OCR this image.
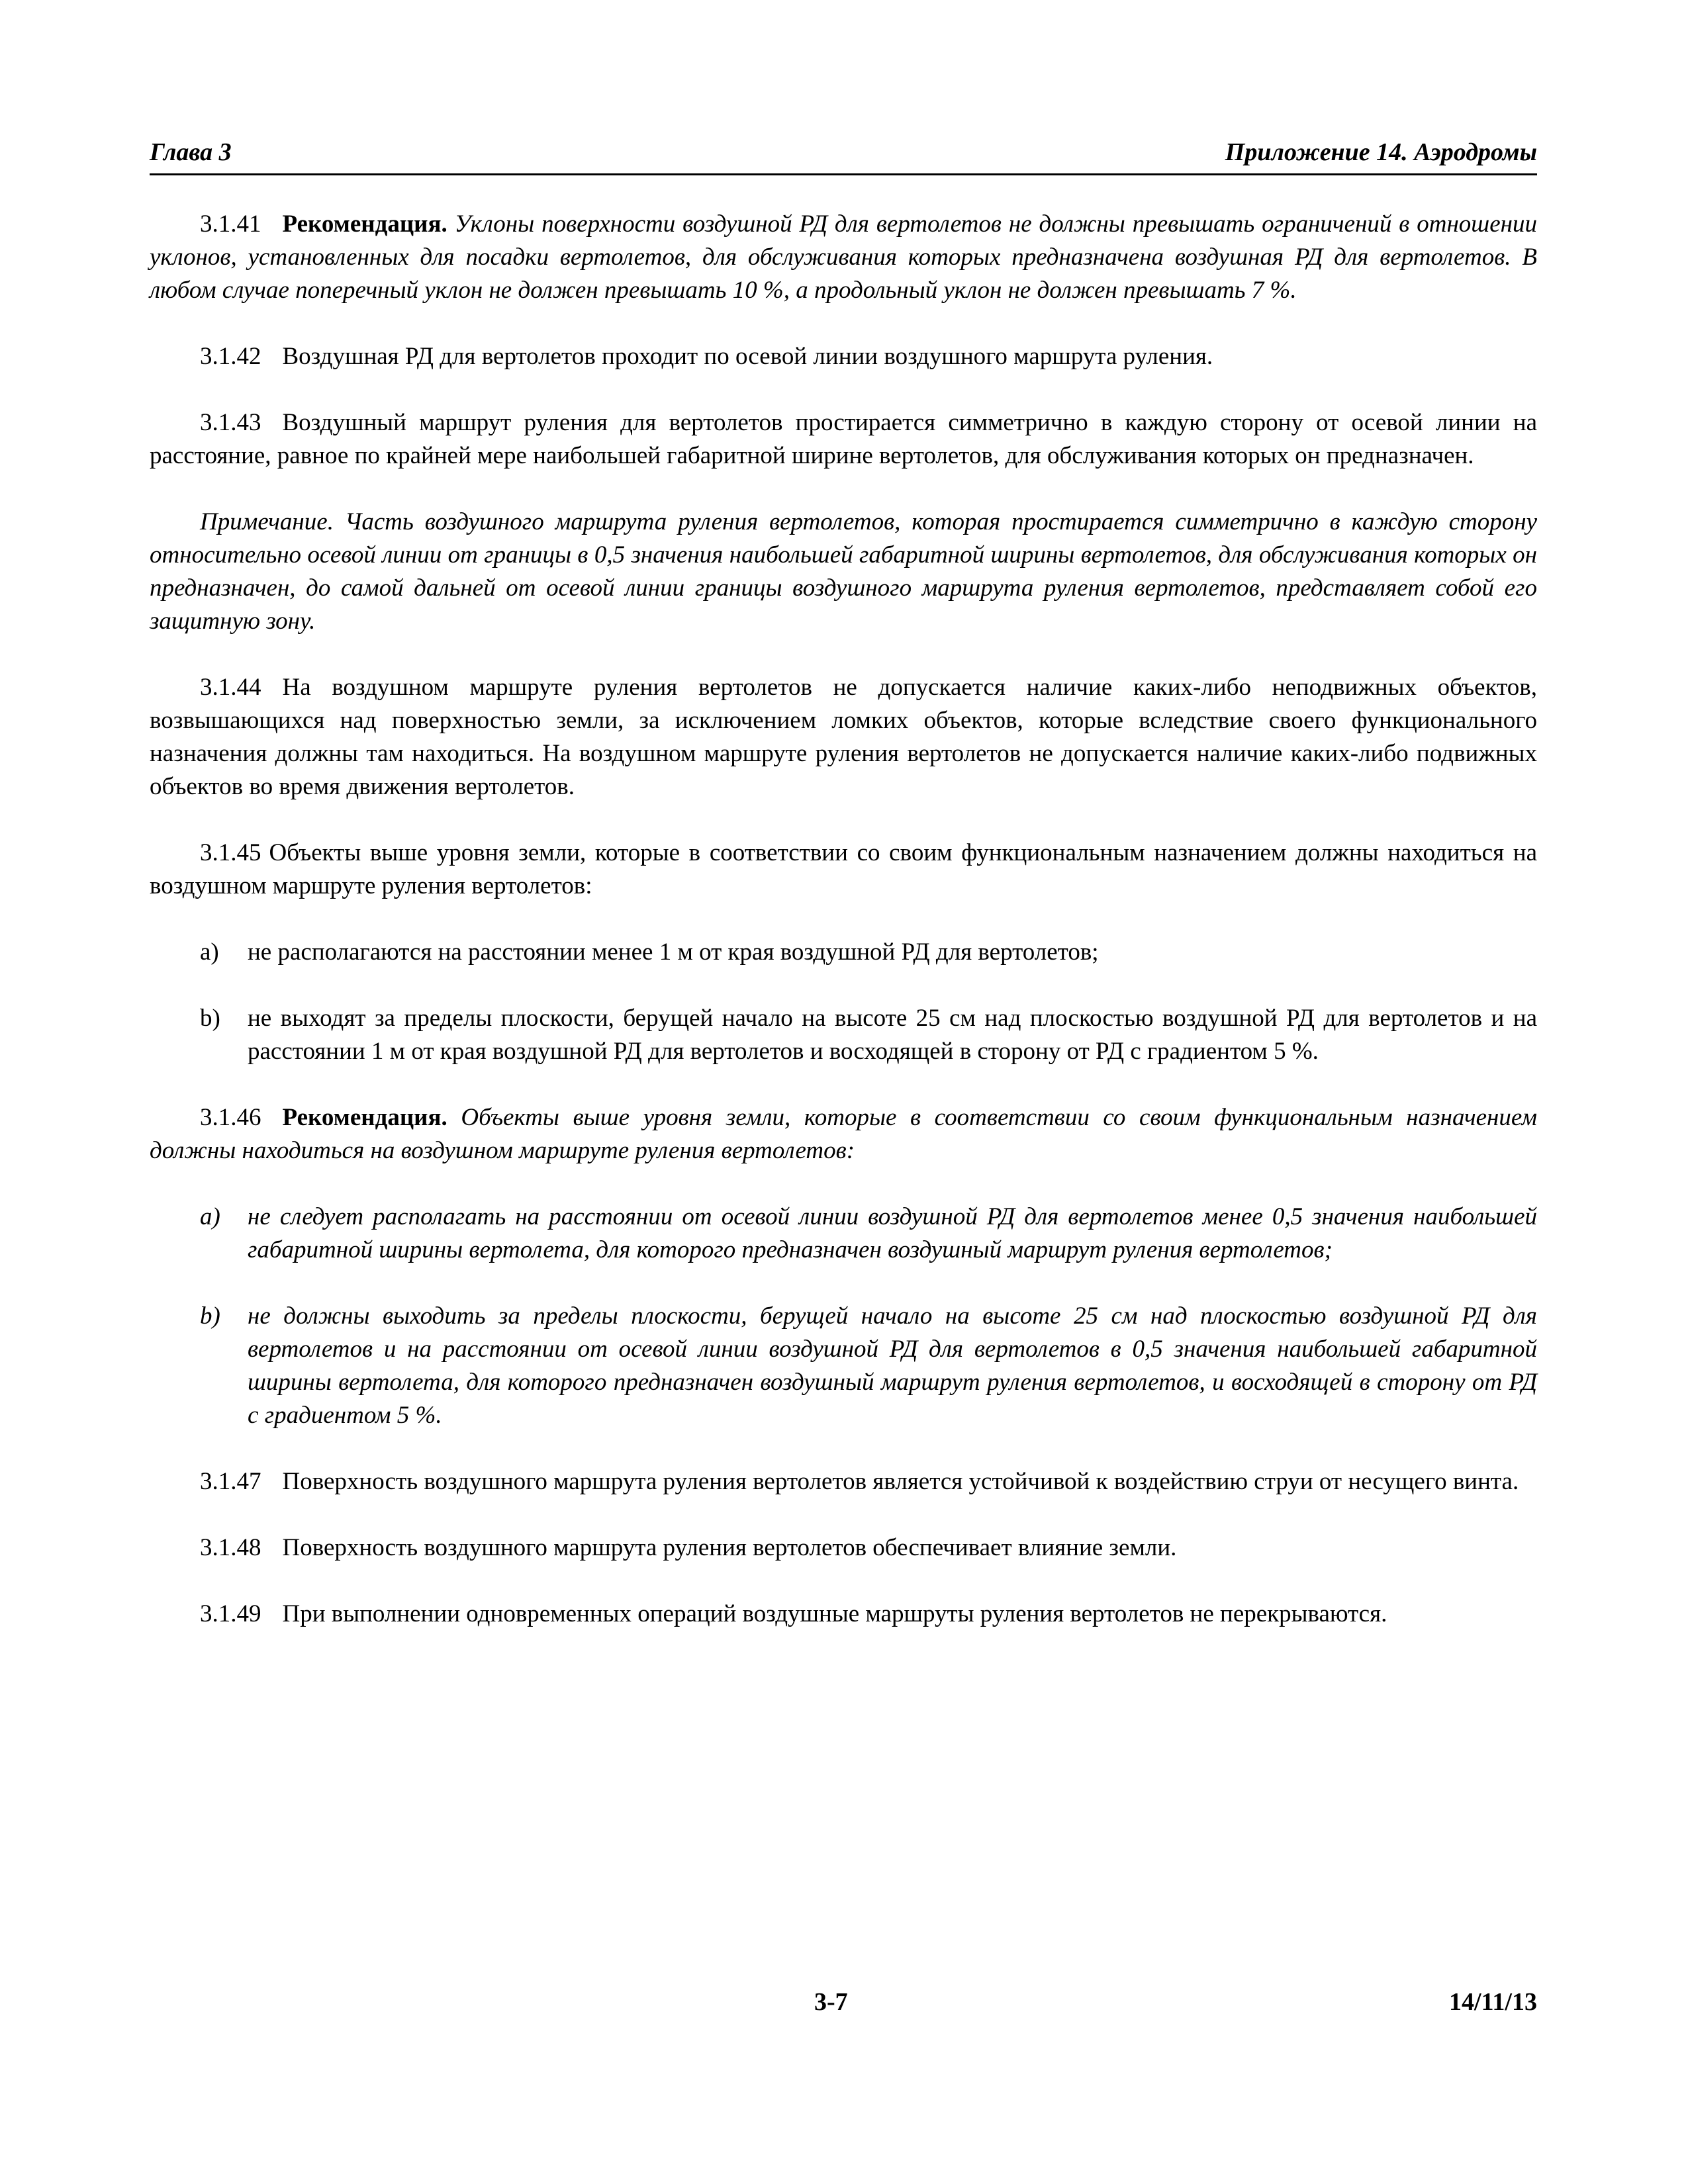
Глава 3	Приложение 14. Аэродромы

3.1.41 Рекомендация. Уклоны поверхности воздушной РД для вертолетов не должны превышать ограничений в отношении уклонов, установленных для посадки вертолетов, для обслуживания которых предназначена воздушная РД для вертолетов. В любом случае поперечный уклон не должен превышать 10 %, а продольный уклон не должен превышать 7 %.

3.1.42 Воздушная РД для вертолетов проходит по осевой линии воздушного маршрута руления.

3.1.43 Воздушный маршрут руления для вертолетов простирается симметрично в каждую сторону от осевой линии на расстояние, равное по крайней мере наибольшей габаритной ширине вертолетов, для обслуживания которых он предназначен.

Примечание. Часть воздушного маршрута руления вертолетов, которая простирается симметрично в каждую сторону относительно осевой линии от границы в 0,5 значения наибольшей габаритной ширины вертолетов, для обслуживания которых он предназначен, до самой дальней от осевой линии границы воздушного маршрута руления вертолетов, представляет собой его защитную зону.

3.1.44 На воздушном маршруте руления вертолетов не допускается наличие каких-либо неподвижных объектов, возвышающихся над поверхностью земли, за исключением ломких объектов, которые вследствие своего функционального назначения должны там находиться. На воздушном маршруте руления вертолетов не допускается наличие каких-либо подвижных объектов во время движения вертолетов.

3.1.45 Объекты выше уровня земли, которые в соответствии со своим функциональным назначением должны находиться на воздушном маршруте руления вертолетов:

a) не располагаются на расстоянии менее 1 м от края воздушной РД для вертолетов;
b) не выходят за пределы плоскости, берущей начало на высоте 25 см над плоскостью воздушной РД для вертолетов и на расстоянии 1 м от края воздушной РД для вертолетов и восходящей в сторону от РД с градиентом 5 %.

3.1.46 Рекомендация. Объекты выше уровня земли, которые в соответствии со своим функциональным назначением должны находиться на воздушном маршруте руления вертолетов:

a) не следует располагать на расстоянии от осевой линии воздушной РД для вертолетов менее 0,5 значения наибольшей габаритной ширины вертолета, для которого предназначен воздушный маршрут руления вертолетов;
b) не должны выходить за пределы плоскости, берущей начало на высоте 25 см над плоскостью воздушной РД для вертолетов и на расстоянии от осевой линии воздушной РД для вертолетов в 0,5 значения наибольшей габаритной ширины вертолета, для которого предназначен воздушный маршрут руления вертолетов, и восходящей в сторону от РД с градиентом 5 %.

3.1.47 Поверхность воздушного маршрута руления вертолетов является устойчивой к воздействию струи от несущего винта.

3.1.48 Поверхность воздушного маршрута руления вертолетов обеспечивает влияние земли.

3.1.49 При выполнении одновременных операций воздушные маршруты руления вертолетов не перекрываются.

3-7	14/11/13
